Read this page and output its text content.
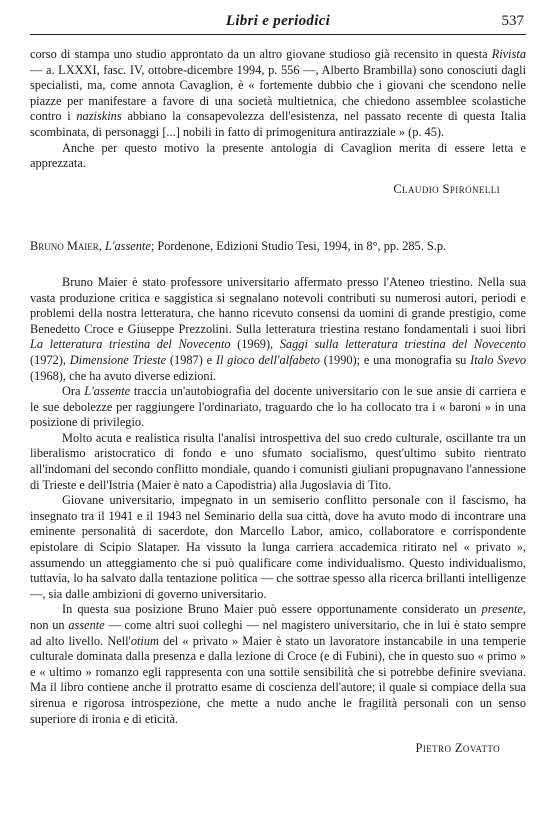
Libri e periodici	537

corso di stampa uno studio approntato da un altro giovane studioso già recensito in questa Rivista — a. LXXXI, fasc. IV, ottobre-dicembre 1994, p. 556 —, Alberto Brambilla) sono conosciuti dagli specialisti, ma, come annota Cavaglion, è « fortemente dubbio che i giovani che scendono nelle piazze per manifestare a favore di una società multietnica, che chiedono assemblee scolastiche contro i naziskins abbiano la consapevolezza dell'esistenza, nel passato recente di questa Italia scombinata, di personaggi [...] nobili in fatto di primogenitura antirazziale » (p. 45).

Anche per questo motivo la presente antologia di Cavaglion merita di essere letta e apprezzata.

Claudio Spironelli

Bruno Maier, L'assente; Pordenone, Edizioni Studio Tesi, 1994, in 8°, pp. 285. S.p.

Bruno Maier è stato professore universitario affermato presso l'Ateneo triestino. Nella sua vasta produzione critica e saggistica si segnalano notevoli contributi su numerosi autori, periodi e problemi della nostra letteratura, che hanno ricevuto consensi da uomini di grande prestigio, come Benedetto Croce e Giuseppe Prezzolini. Sulla letteratura triestina restano fondamentali i suoi libri La letteratura triestina del Novecento (1969), Saggi sulla letteratura triestina del Novecento (1972), Dimensione Trieste (1987) e Il gioco dell'alfabeto (1990); e una monografia su Italo Svevo (1968), che ha avuto diverse edizioni.

Ora L'assente traccia un'autobiografia del docente universitario con le sue ansie di carriera e le sue debolezze per raggiungere l'ordinariato, traguardo che lo ha collocato tra i « baroni » in una posizione di privilegio.

Molto acuta e realistica risulta l'analisi introspettiva del suo credo culturale, oscillante tra un liberalismo aristocratico di fondo e uno sfumato socialismo, quest'ultimo subito rientrato all'indomani del secondo conflitto mondiale, quando i comunisti giuliani propugnavano l'annessione di Trieste e dell'Istria (Maier è nato a Capodistria) alla Jugoslavia di Tito.

Giovane universitario, impegnato in un semiserio conflitto personale con il fascismo, ha insegnato tra il 1941 e il 1943 nel Seminario della sua città, dove ha avuto modo di incontrare una eminente personalità di sacerdote, don Marcello Labor, amico, collaboratore e corrispondente epistolare di Scipio Slataper. Ha vissuto la lunga carriera accademica ritirato nel « privato », assumendo un atteggiamento che si può qualificare come individualismo. Questo individualismo, tuttavia, lo ha salvato dalla tentazione politica — che sottrae spesso alla ricerca brillanti intelligenze —, sia dalle ambizioni di governo universitario.

In questa sua posizione Bruno Maier può essere opportunamente considerato un presente, non un assente — come altri suoi colleghi — nel magistero universitario, che in lui è stato sempre ad alto livello. Nell'otium del « privato » Maier è stato un lavoratore instancabile in una temperie culturale dominata dalla presenza e dalla lezione di Croce (e di Fubini), che in questo suo « primo » e « ultimo » romanzo egli rappresenta con una sottile sensibilità che si potrebbe definire sveviana. Ma il libro contiene anche il protratto esame di coscienza dell'autore; il quale si compiace della sua sirenua e rigorosa introspezione, che mette a nudo anche le fragilità personali con un senso superiore di ironia e di eticità.

Pietro Zovatto
